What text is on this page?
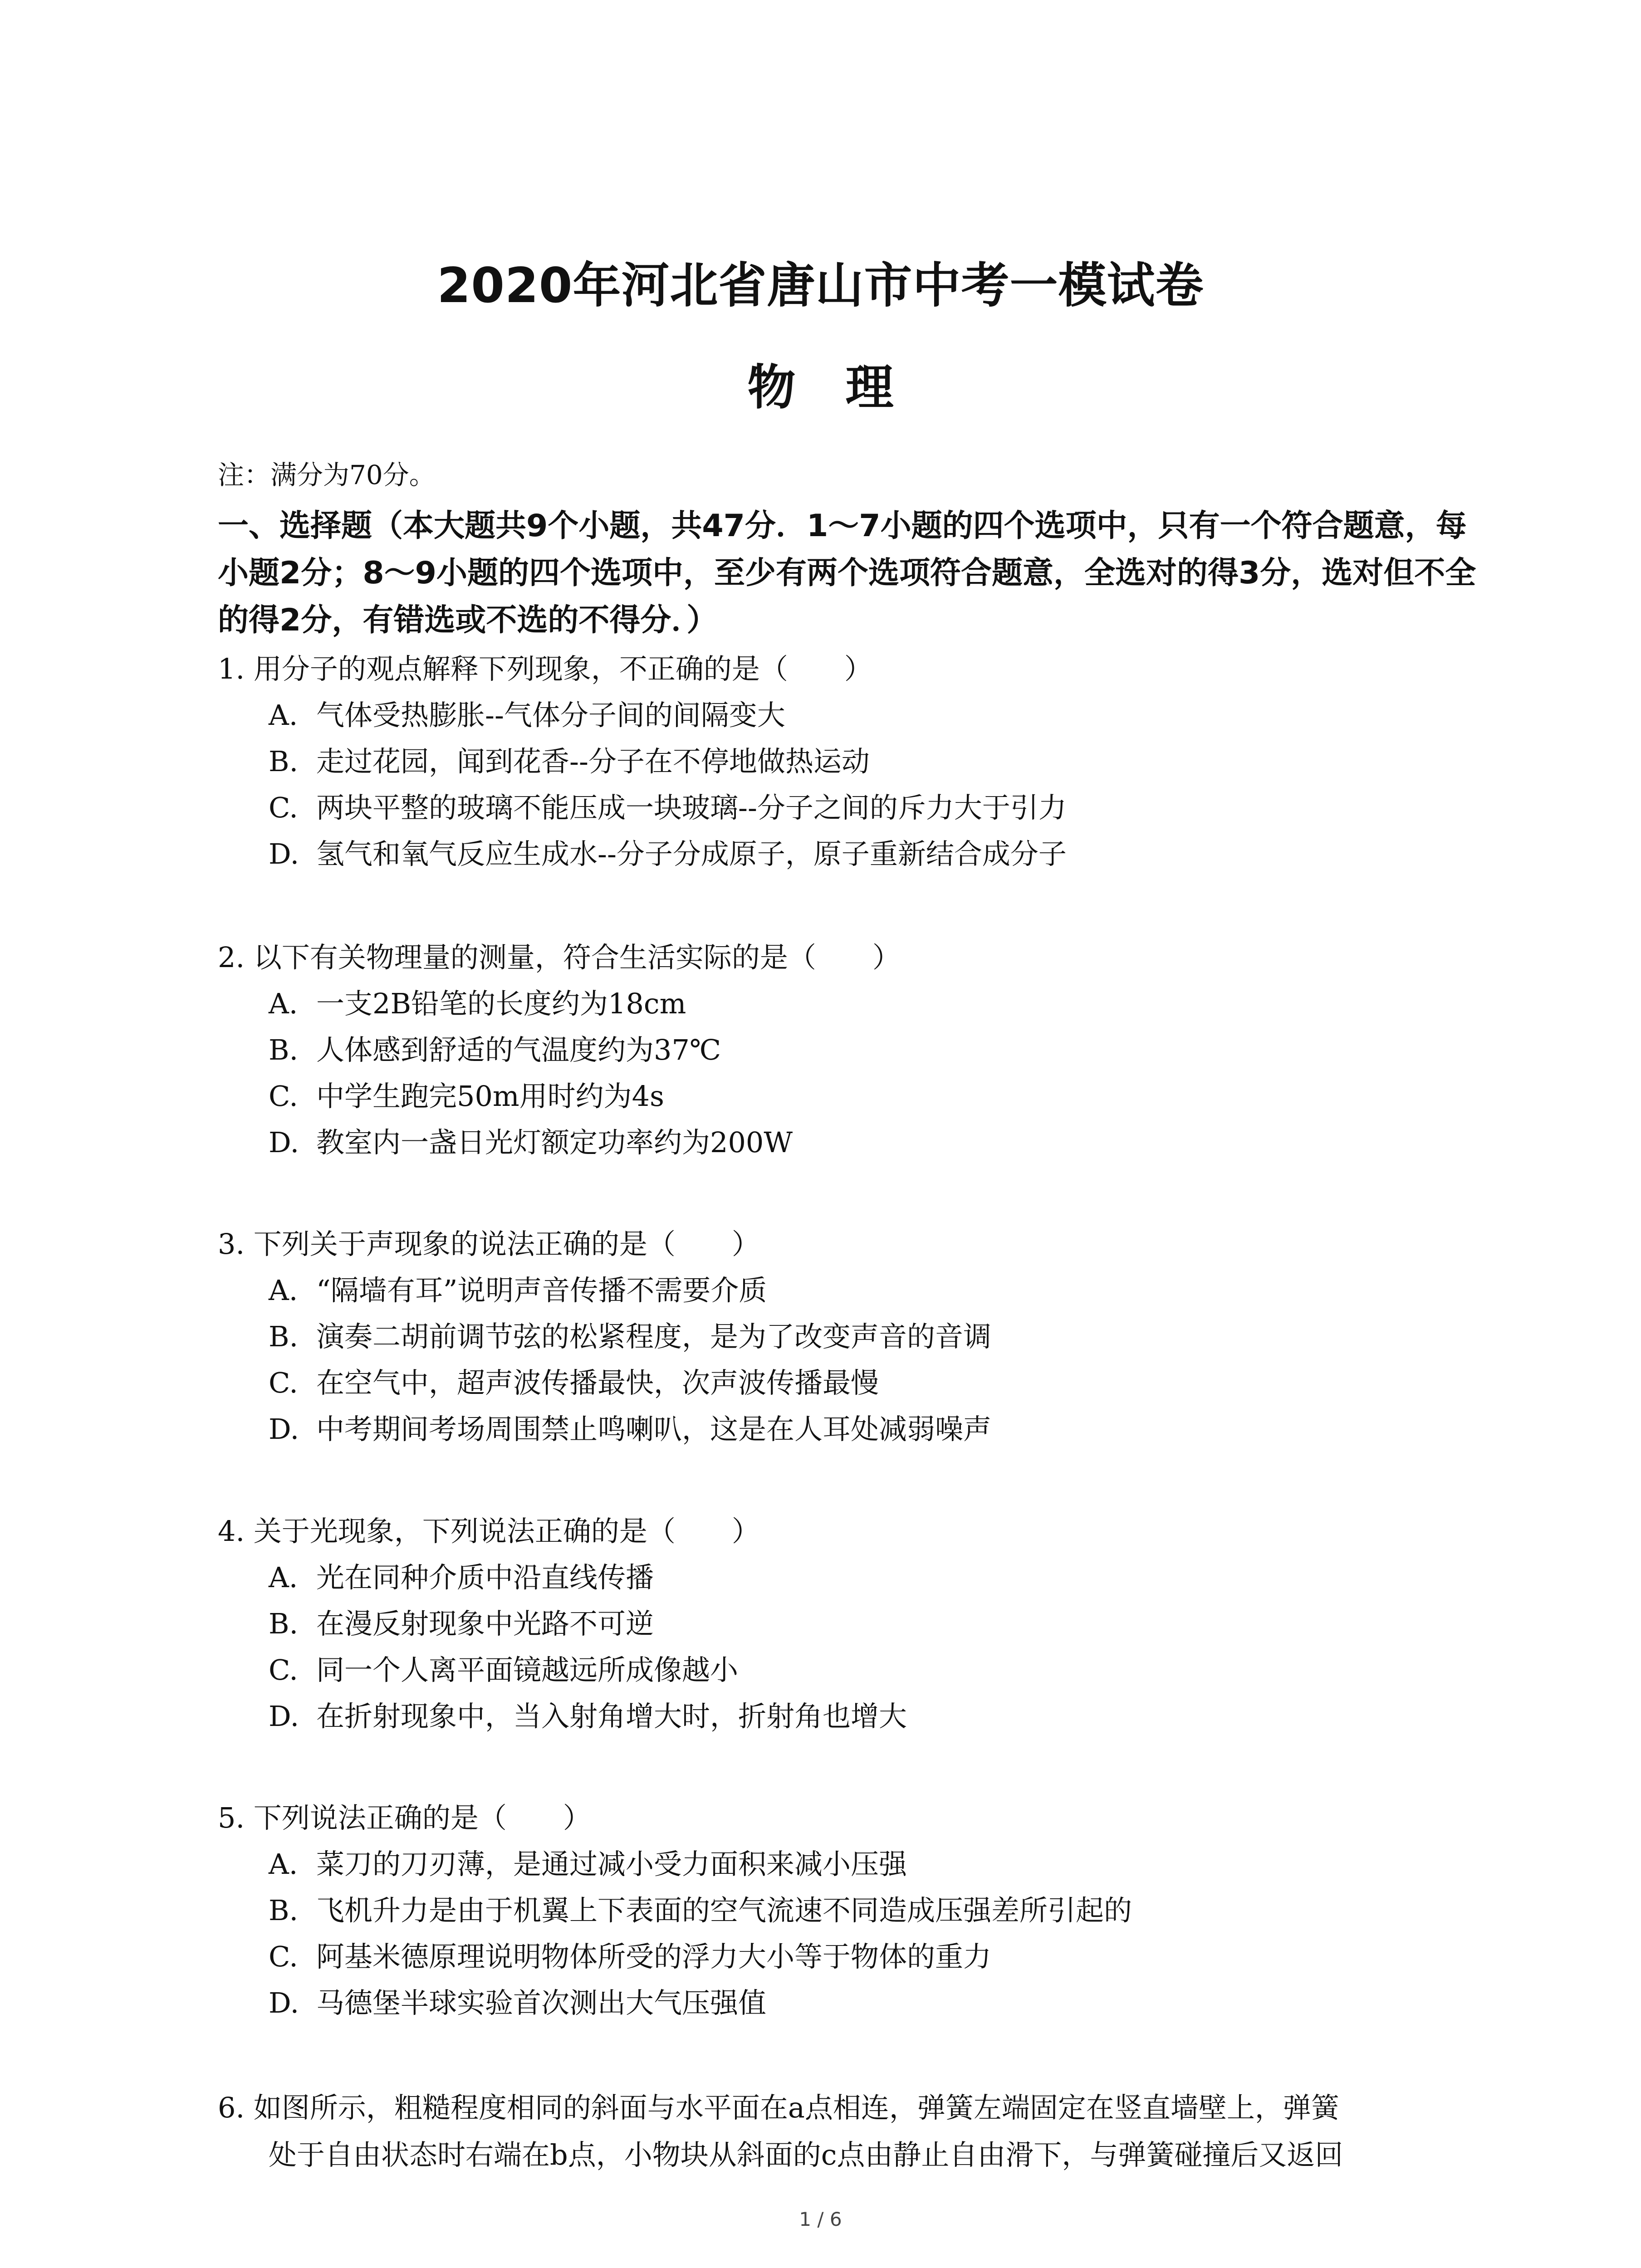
2020年河北省唐山市中考一模试卷
物理
注：满分为70分。
一、选择题（本大题共9个小题，共47分．1～7小题的四个选项中，只有一个符合题意，每
小题2分；8～9小题的四个选项中，至少有两个选项符合题意，全选对的得3分，选对但不全
的得2分，有错选或不选的不得分．）
1. 用分子的观点解释下列现象，不正确的是（　　）
A. 气体受热膨胀--气体分子间的间隔变大
B. 走过花园，闻到花香--分子在不停地做热运动
C. 两块平整的玻璃不能压成一块玻璃--分子之间的斥力大于引力
D. 氢气和氧气反应生成水--分子分成原子，原子重新结合成分子
2. 以下有关物理量的测量，符合生活实际的是（　　）
A. 一支2B铅笔的长度约为18cm
B. 人体感到舒适的气温度约为37℃
C. 中学生跑完50m用时约为4s
D. 教室内一盏日光灯额定功率约为200W
3. 下列关于声现象的说法正确的是（　　）
A. “隔墙有耳”说明声音传播不需要介质
B. 演奏二胡前调节弦的松紧程度，是为了改变声音的音调
C. 在空气中，超声波传播最快，次声波传播最慢
D. 中考期间考场周围禁止鸣喇叭，这是在人耳处减弱噪声
4. 关于光现象，下列说法正确的是（　　）
A. 光在同种介质中沿直线传播
B. 在漫反射现象中光路不可逆
C. 同一个人离平面镜越远所成像越小
D. 在折射现象中，当入射角增大时，折射角也增大
5. 下列说法正确的是（　　）
A. 菜刀的刀刃薄，是通过减小受力面积来减小压强
B. 飞机升力是由于机翼上下表面的空气流速不同造成压强差所引起的
C. 阿基米德原理说明物体所受的浮力大小等于物体的重力
D. 马德堡半球实验首次测出大气压强值
6. 如图所示，粗糙程度相同的斜面与水平面在a点相连，弹簧左端固定在竖直墙壁上，弹簧
处于自由状态时右端在b点，小物块从斜面的c点由静止自由滑下，与弹簧碰撞后又返回
1 / 6
